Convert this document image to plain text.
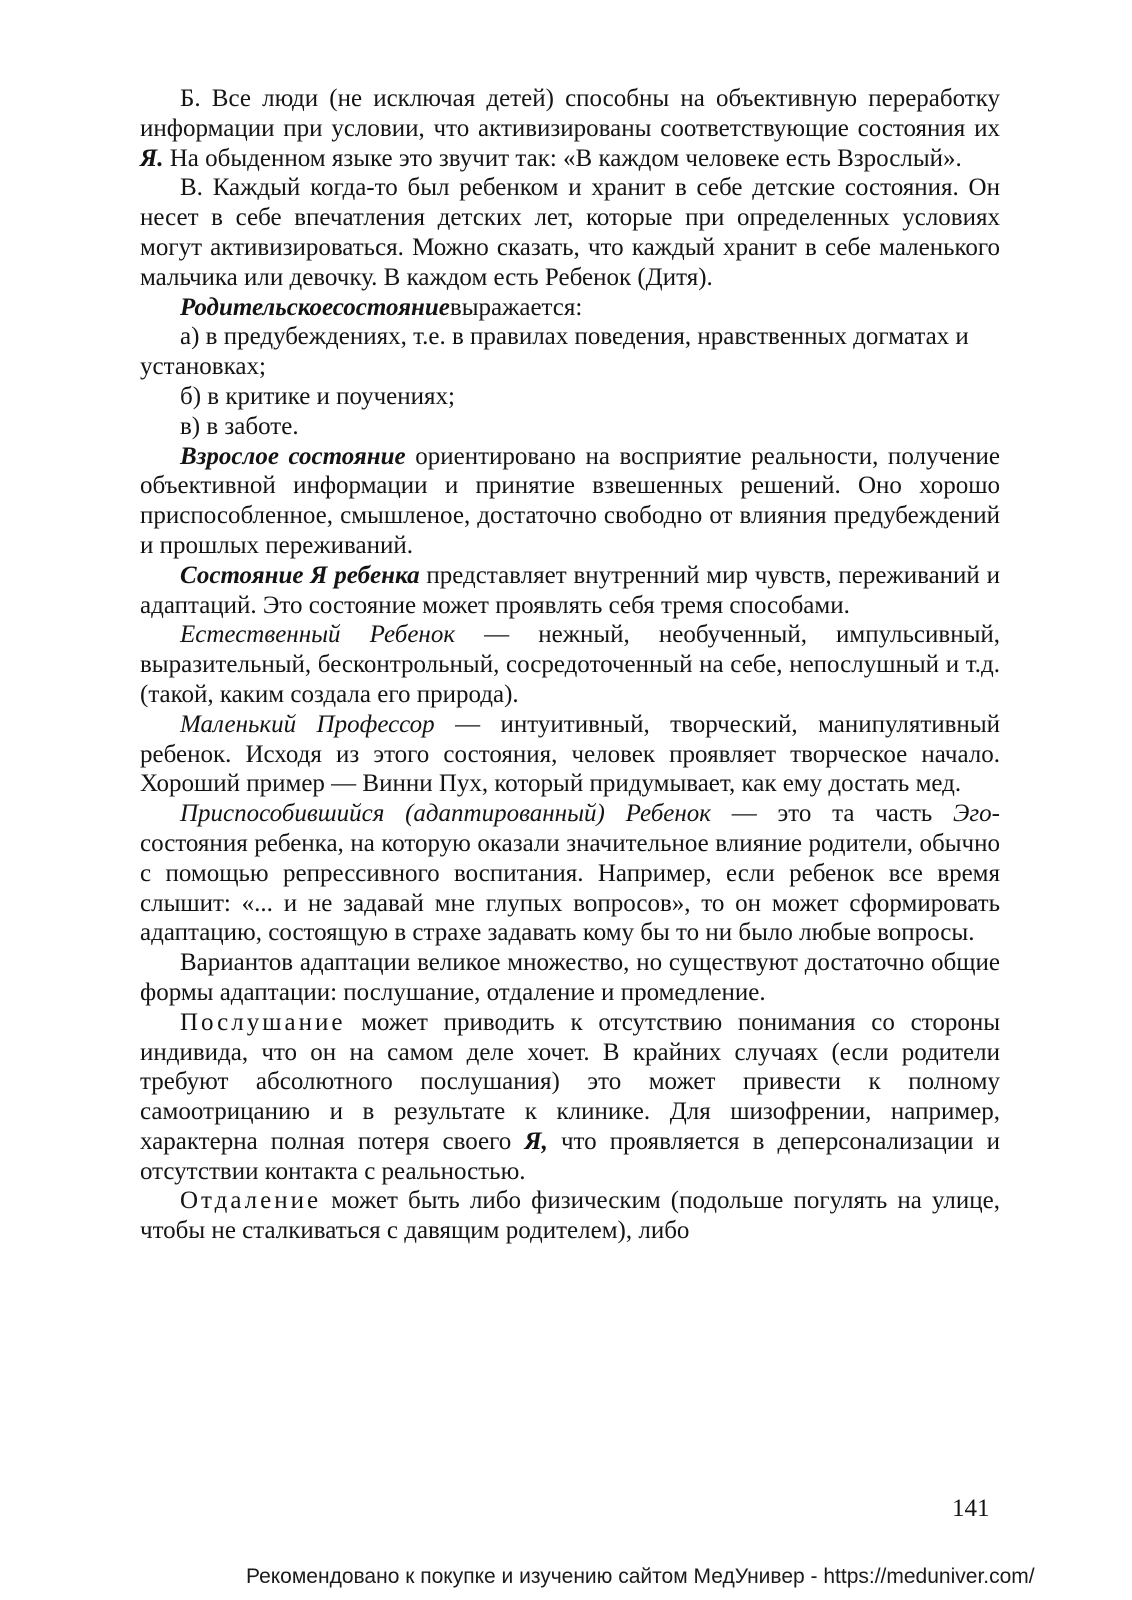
Б. Все люди (не исключая детей) способны на объективную переработку информации при условии, что активизированы соответствующие состояния их Я. На обыденном языке это звучит так: «В каждом человеке есть Взрослый».

В. Каждый когда-то был ребенком и хранит в себе детские состояния. Он несет в себе впечатления детских лет, которые при определенных условиях могут активизироваться. Можно сказать, что каждый хранит в себе маленького мальчика или девочку. В каждом есть Ребенок (Дитя).

Родительскоесостояниевыражается:

а) в предубеждениях, т.е. в правилах поведения, нравственных догматах и установках;

б) в критике и поучениях;

в) в заботе.

Взрослое состояние ориентировано на восприятие реальности, получение объективной информации и принятие взвешенных решений. Оно хорошо приспособленное, смышленое, достаточно свободно от влияния предубеждений и прошлых переживаний.

Состояние Я ребенка представляет внутренний мир чувств, переживаний и адаптаций. Это состояние может проявлять себя тремя способами.

Естественный Ребенок — нежный, необученный, импульсивный, выразительный, бесконтрольный, сосредоточенный на себе, непослушный и т.д. (такой, каким создала его природа).

Маленький Профессор — интуитивный, творческий, манипулятивный ребенок. Исходя из этого состояния, человек проявляет творческое начало. Хороший пример — Винни Пух, который придумывает, как ему достать мед.

Приспособившийся (адаптированный) Ребенок — это та часть Эго-состояния ребенка, на которую оказали значительное влияние родители, обычно с помощью репрессивного воспитания. Например, если ребенок все время слышит: «... и не задавай мне глупых вопросов», то он может сформировать адаптацию, состоящую в страхе задавать кому бы то ни было любые вопросы.

Вариантов адаптации великое множество, но существуют достаточно общие формы адаптации: послушание, отдаление и промедление.

Послушание может приводить к отсутствию понимания со стороны индивида, что он на самом деле хочет. В крайних случаях (если родители требуют абсолютного послушания) это может привести к полному самоотрицанию и в результате к клинике. Для шизофрении, например, характерна полная потеря своего Я, что проявляется в деперсонализации и отсутствии контакта с реальностью.

Отдаление может быть либо физическим (подольше погулять на улице, чтобы не сталкиваться с давящим родителем), либо

141
Рекомендовано к покупке и изучению сайтом МедУнивер - https://meduniver.com/
